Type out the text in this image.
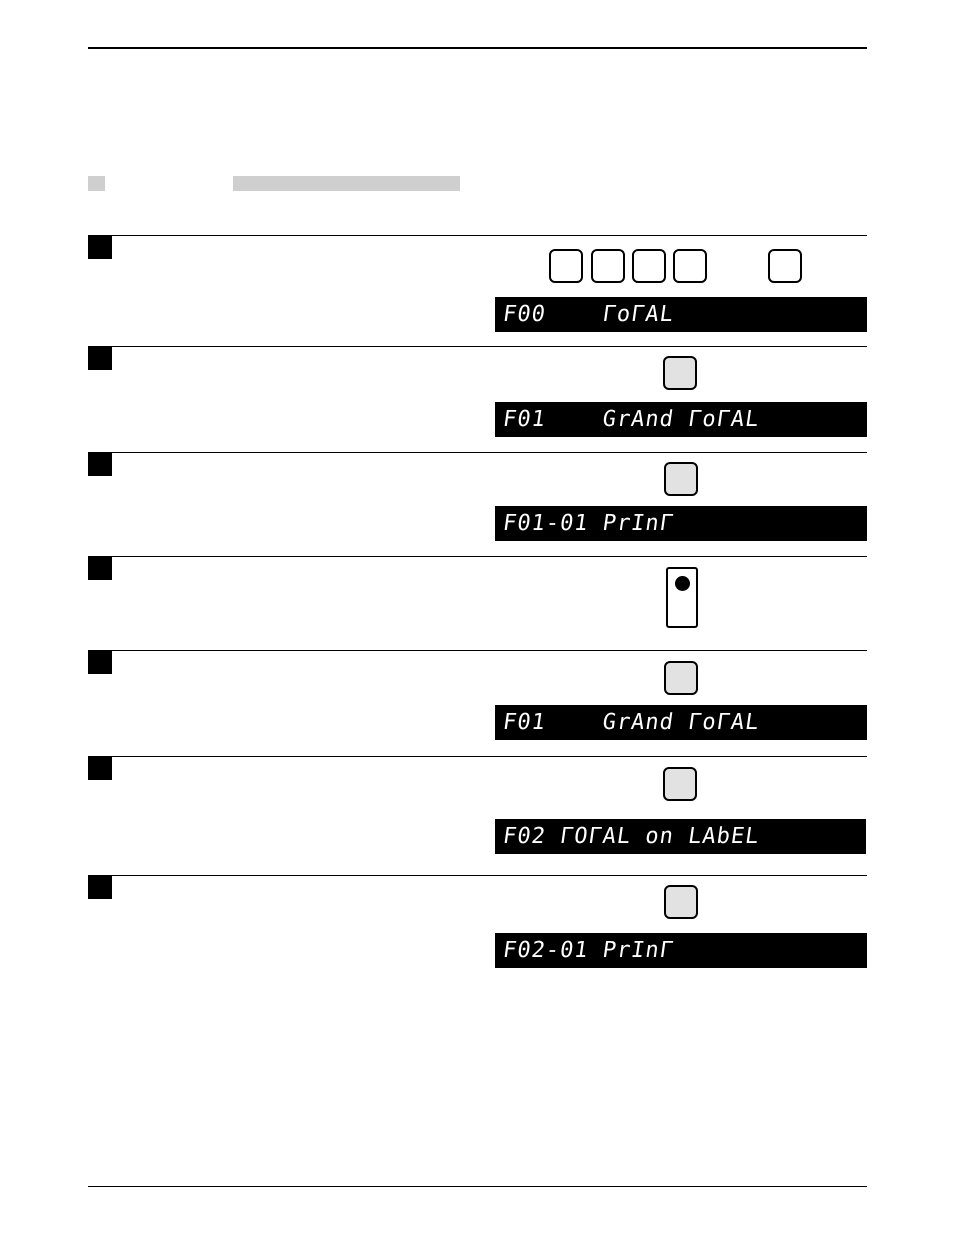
F00    ΓoΓAL
F01    GrAnd ΓoΓAL
F01-01 PrInΓ
F01    GrAnd ΓoΓAL
F02 ΓOΓAL on LAbEL
F02-01 PrInΓ
